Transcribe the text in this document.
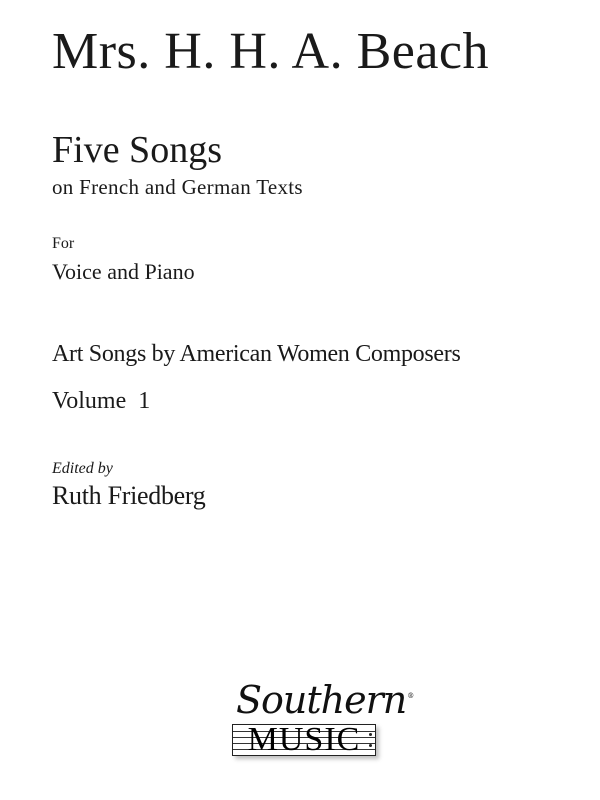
Mrs. H. H. A. Beach
Five Songs
on French and German Texts
For
Voice and Piano
Art Songs by American Women Composers
Volume  1
Edited by
Ruth Friedberg
Southern®
MUSIC
